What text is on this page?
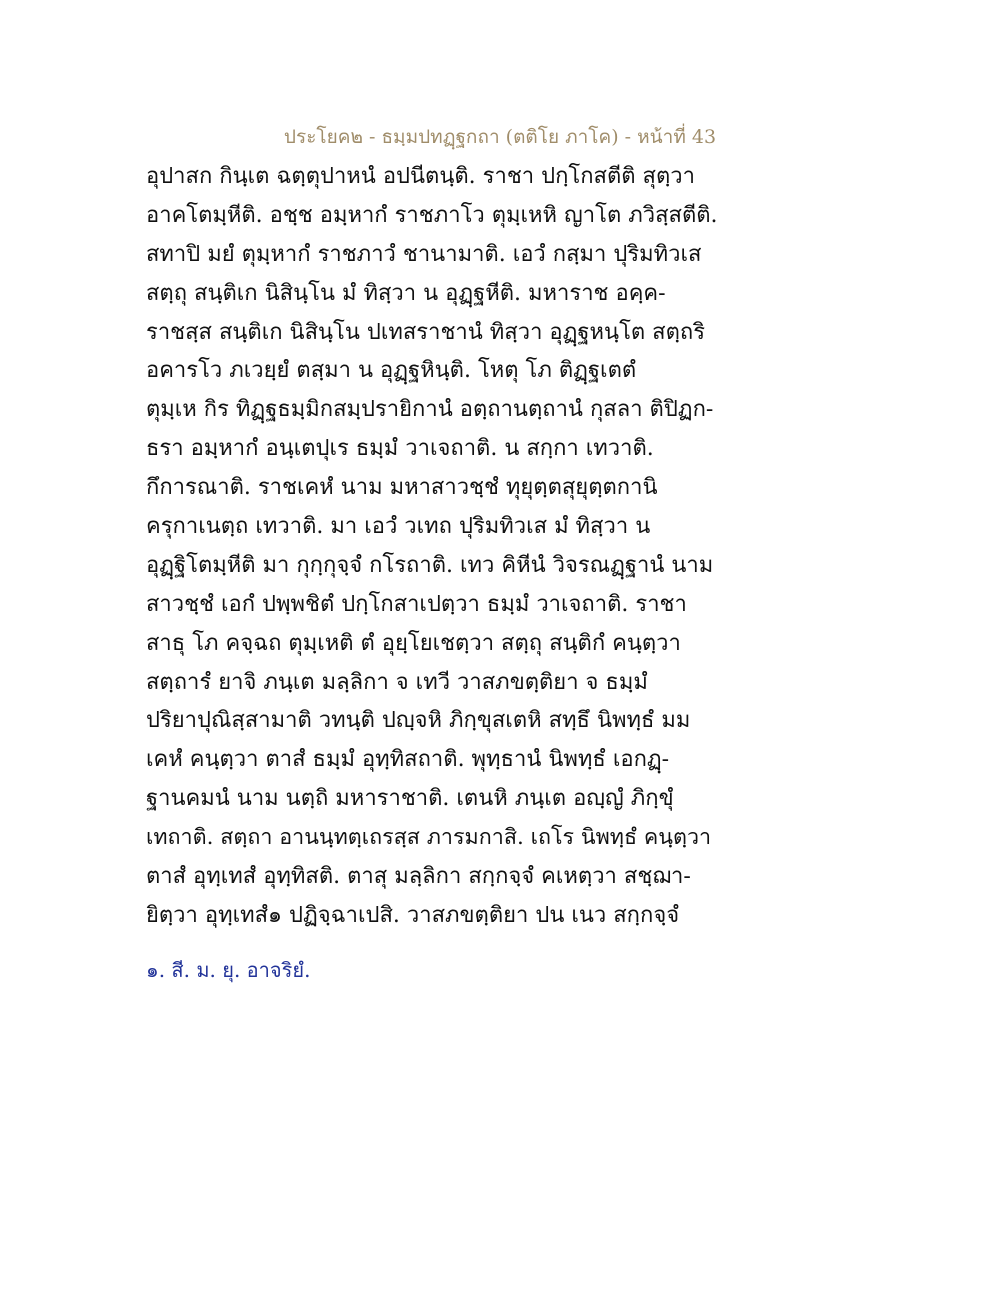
ประโยค๒ - ธมฺมปทฏฺฐกถา (ตติโย ภาโค) - หน้าที่ 43
อุปาสก กินฺเต ฉตฺตุปาหนํ อปนีตนฺติ. ราชา ปกฺโกสตีติ สุตฺวา
อาคโตมฺหีติ. อชฺช อมฺหากํ ราชภาโว ตุมฺเหหิ ญาโต ภวิสฺสตีติ.
สทาปิ มยํ ตุมฺหากํ ราชภาวํ ชานามาติ. เอวํ กสฺมา ปุริมทิวเส
สตฺถุ สนฺติเก นิสินฺโน มํ ทิสฺวา น อุฏฺฐหีติ. มหาราช อคฺค-
ราชสฺส สนฺติเก นิสินฺโน ปเทสราชานํ ทิสฺวา อุฏฺฐหนฺโต สตฺถริ
อคารโว ภเวยฺยํ ตสฺมา น อุฏฺฐหินฺติ. โหตุ โภ ติฏฺฐเตตํ
ตุมฺเห กิร ทิฏฺฐธมฺมิกสมฺปรายิกานํ อตฺถานตฺถานํ กุสลา ติปิฏก-
ธรา อมฺหากํ อนฺเตปุเร ธมฺมํ วาเจถาติ. น สกฺกา เทวาติ.
กึการณาติ. ราชเคหํ นาม มหาสาวชฺชํ ทุยุตฺตสุยุตฺตกานิ
ครุกาเนตฺถ เทวาติ. มา เอวํ วเทถ ปุริมทิวเส มํ ทิสฺวา น
อุฏฺฐิโตมฺหีติ มา กุกฺกุจฺจํ กโรถาติ. เทว คิหีนํ วิจรณฏฺฐานํ นาม
สาวชฺชํ เอกํ ปพฺพชิตํ ปกฺโกสาเปตฺวา ธมฺมํ วาเจถาติ. ราชา
สาธุ โภ คจฺฉถ ตุมฺเหติ ตํ อุยฺโยเชตฺวา สตฺถุ สนฺติกํ คนฺตฺวา
สตฺถารํ ยาจิ ภนฺเต มลฺลิกา จ เทวี วาสภขตฺติยา จ ธมฺมํ
ปริยาปุณิสฺสามาติ วทนฺติ ปญฺจหิ ภิกฺขุสเตหิ สทฺธึ นิพทฺธํ มม
เคหํ คนฺตฺวา ตาสํ ธมฺมํ อุทฺทิสถาติ. พุทฺธานํ นิพทฺธํ เอกฏฺ-
ฐานคมนํ นาม นตฺถิ มหาราชาติ. เตนหิ ภนฺเต อญฺญํ ภิกฺขุํ
เทถาติ. สตฺถา อานนฺทตฺเถรสฺส ภารมกาสิ. เถโร นิพทฺธํ คนฺตฺวา
ตาสํ อุทฺเทสํ อุทฺทิสติ. ตาสุ มลฺลิกา สกฺกจฺจํ คเหตฺวา สชฺฌา-
ยิตฺวา อุทฺเทสํ๑ ปฏิจฺฉาเปสิ. วาสภขตฺติยา ปน เนว สกฺกจฺจํ
๑. สี. ม. ยุ. อาจริยํ.
